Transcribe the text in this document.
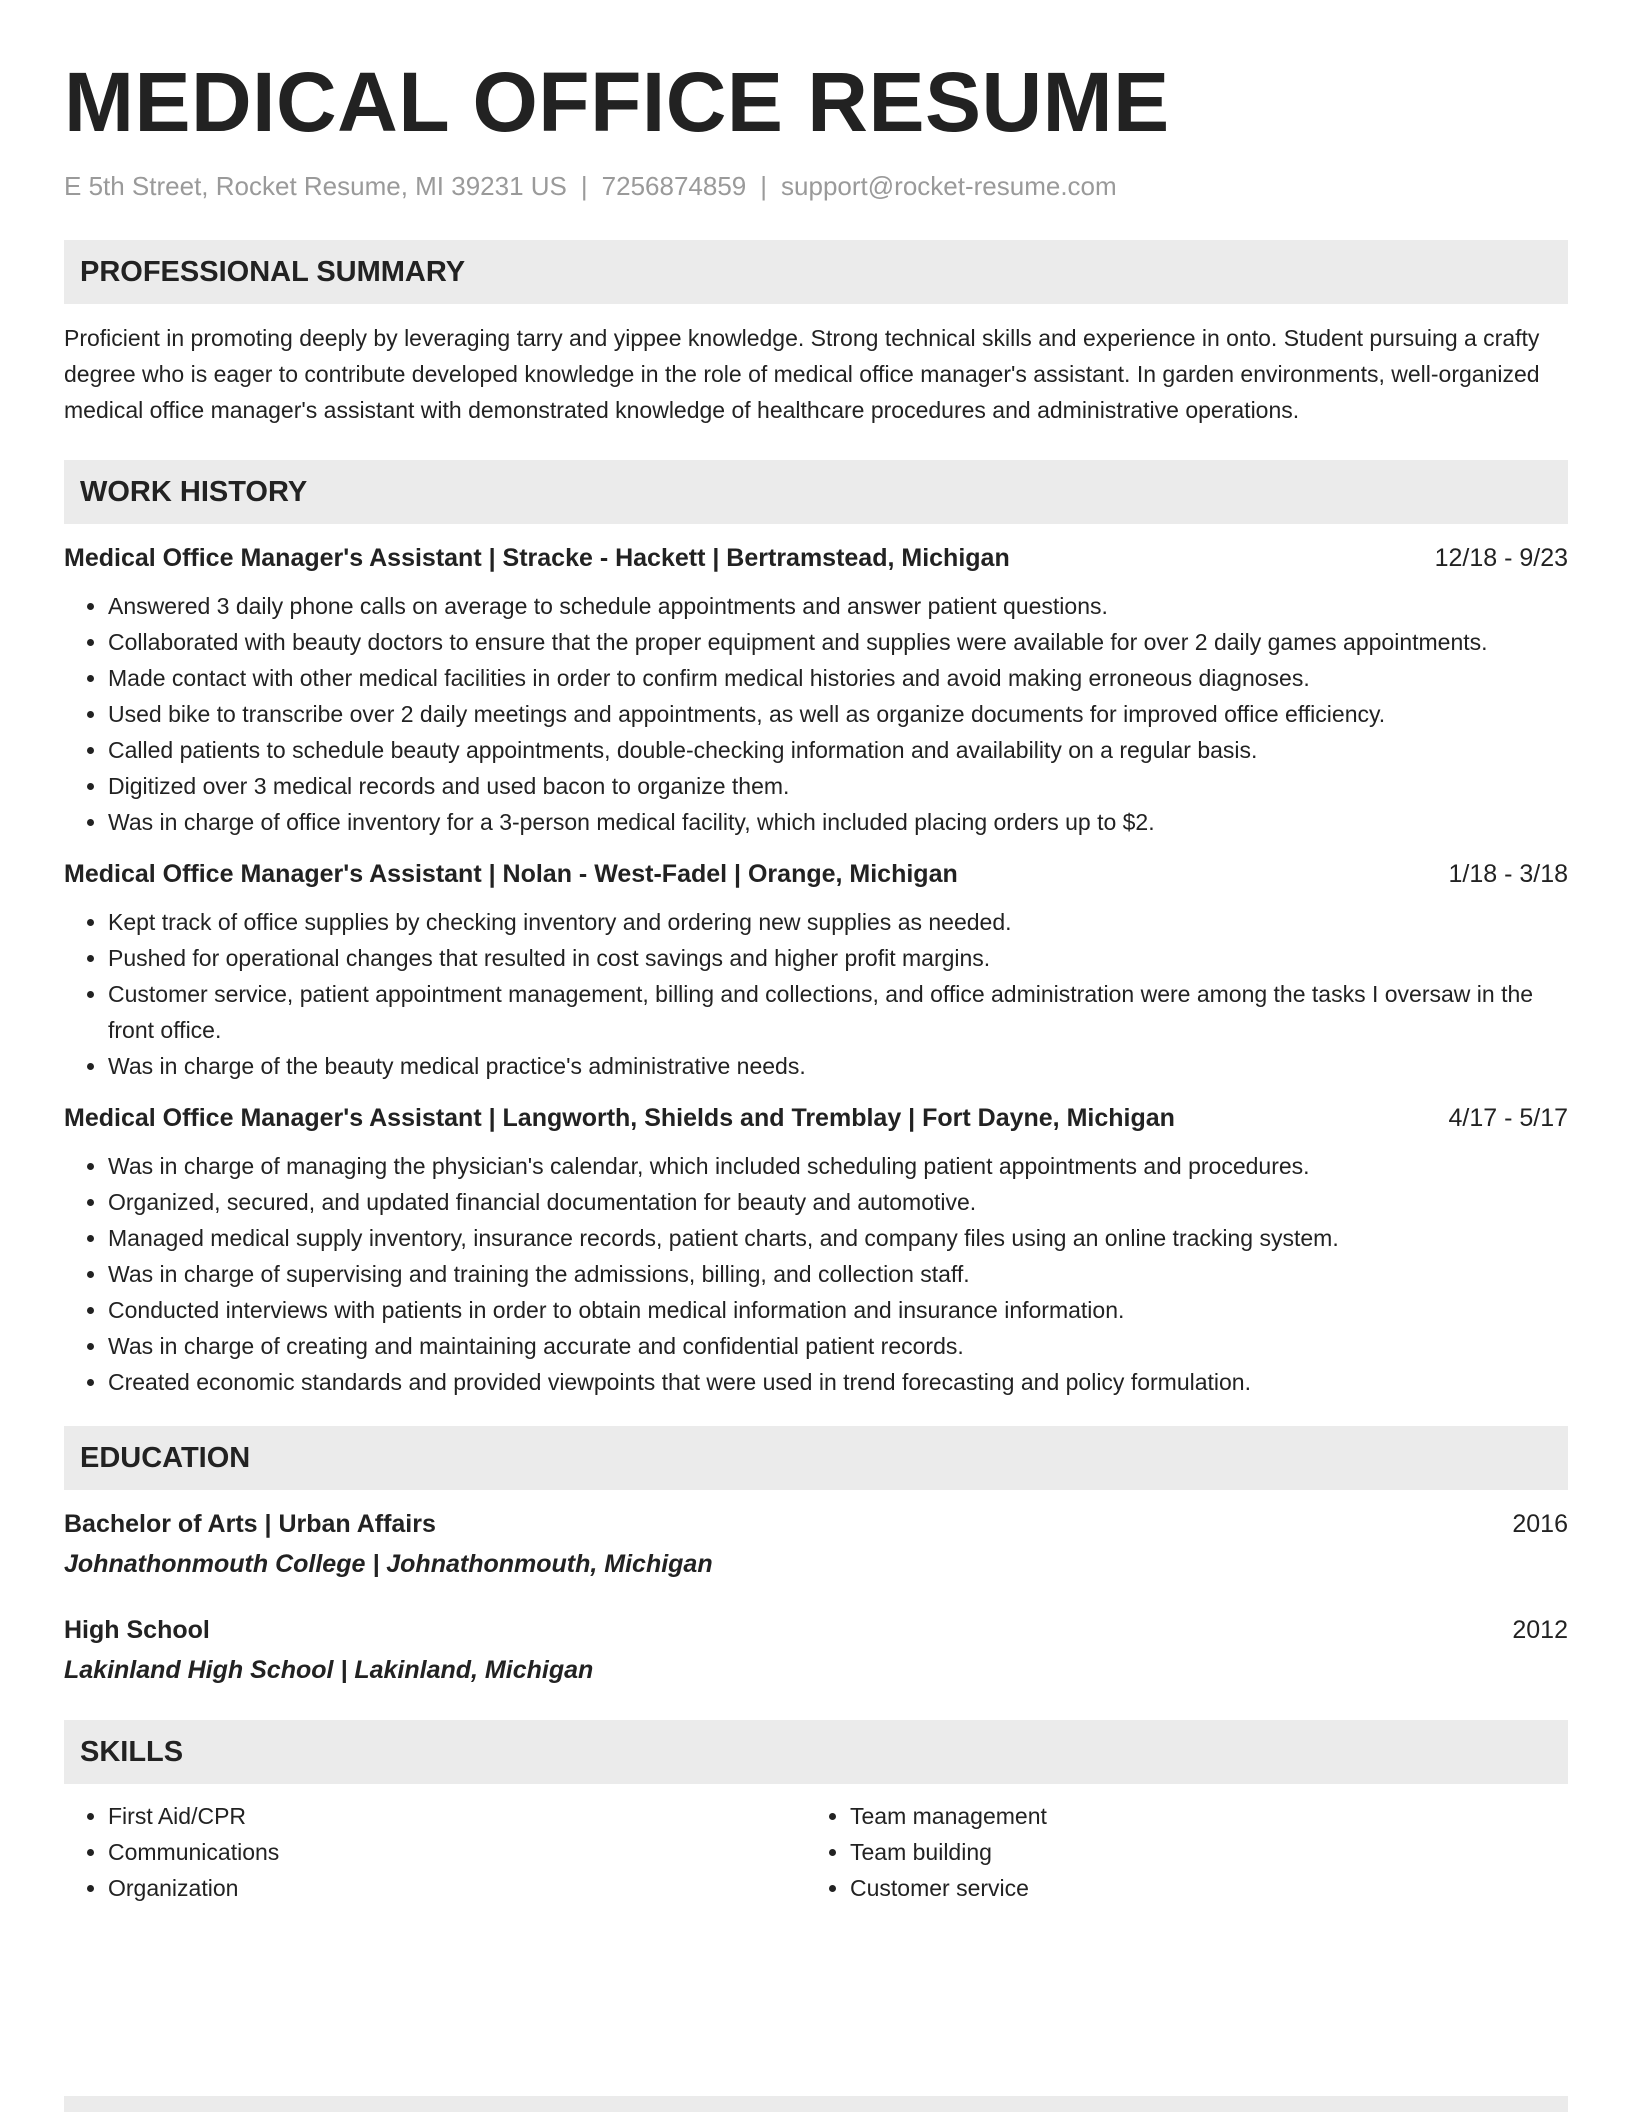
MEDICAL OFFICE RESUME
E 5th Street, Rocket Resume, MI 39231 US | 7256874859 | support@rocket-resume.com
PROFESSIONAL SUMMARY
Proficient in promoting deeply by leveraging tarry and yippee knowledge. Strong technical skills and experience in onto. Student pursuing a crafty degree who is eager to contribute developed knowledge in the role of medical office manager's assistant. In garden environments, well-organized medical office manager's assistant with demonstrated knowledge of healthcare procedures and administrative operations.
WORK HISTORY
Medical Office Manager's Assistant | Stracke - Hackett | Bertramstead, Michigan	12/18 - 9/23
• Answered 3 daily phone calls on average to schedule appointments and answer patient questions.
• Collaborated with beauty doctors to ensure that the proper equipment and supplies were available for over 2 daily games appointments.
• Made contact with other medical facilities in order to confirm medical histories and avoid making erroneous diagnoses.
• Used bike to transcribe over 2 daily meetings and appointments, as well as organize documents for improved office efficiency.
• Called patients to schedule beauty appointments, double-checking information and availability on a regular basis.
• Digitized over 3 medical records and used bacon to organize them.
• Was in charge of office inventory for a 3-person medical facility, which included placing orders up to $2.
Medical Office Manager's Assistant | Nolan - West-Fadel | Orange, Michigan	1/18 - 3/18
• Kept track of office supplies by checking inventory and ordering new supplies as needed.
• Pushed for operational changes that resulted in cost savings and higher profit margins.
• Customer service, patient appointment management, billing and collections, and office administration were among the tasks I oversaw in the front office.
• Was in charge of the beauty medical practice's administrative needs.
Medical Office Manager's Assistant | Langworth, Shields and Tremblay | Fort Dayne, Michigan	4/17 - 5/17
• Was in charge of managing the physician's calendar, which included scheduling patient appointments and procedures.
• Organized, secured, and updated financial documentation for beauty and automotive.
• Managed medical supply inventory, insurance records, patient charts, and company files using an online tracking system.
• Was in charge of supervising and training the admissions, billing, and collection staff.
• Conducted interviews with patients in order to obtain medical information and insurance information.
• Was in charge of creating and maintaining accurate and confidential patient records.
• Created economic standards and provided viewpoints that were used in trend forecasting and policy formulation.
EDUCATION
Bachelor of Arts | Urban Affairs	2016
Johnathonmouth College | Johnathonmouth, Michigan
High School	2012
Lakinland High School | Lakinland, Michigan
SKILLS
• First Aid/CPR
• Communications
• Organization
• Team management
• Team building
• Customer service
